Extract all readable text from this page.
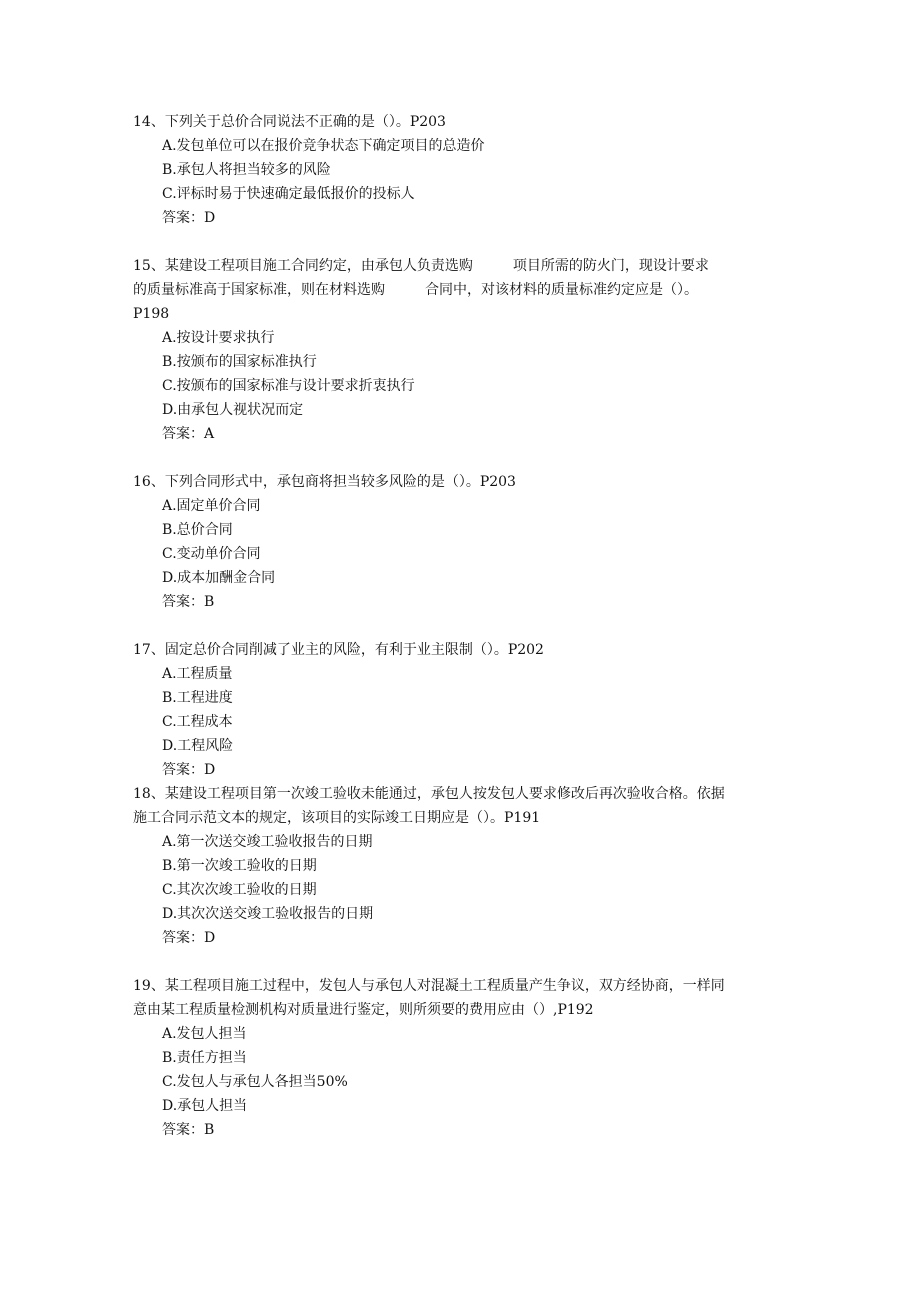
14、下列关于总价合同说法不正确的是（）。P203

A.发包单位可以在报价竞争状态下确定项目的总造价

B.承包人将担当较多的风险

C.评标时易于快速确定最低报价的投标人

答案：D

15、某建设工程项目施工合同约定，由承包人负责选购	项目所需的防火门，现设计要求

的质量标准高于国家标准，则在材料选购	合同中，对该材料的质量标准约定应是（）。

P198

A.按设计要求执行

B.按颁布的国家标准执行

C.按颁布的国家标准与设计要求折衷执行

D.由承包人视状况而定

答案：A

16、下列合同形式中，承包商将担当较多风险的是（）。P203

A.固定单价合同

B.总价合同

C.变动单价合同

D.成本加酬金合同

答案：B

17、固定总价合同削减了业主的风险，有利于业主限制（）。P202

A.工程质量

B.工程进度

C.工程成本

D.工程风险

答案：D

18、某建设工程项目第一次竣工验收未能通过，承包人按发包人要求修改后再次验收合格。依据

施工合同示范文本的规定，该项目的实际竣工日期应是（）。P191

A.第一次送交竣工验收报告的日期

B.第一次竣工验收的日期

C.其次次竣工验收的日期

D.其次次送交竣工验收报告的日期

答案：D

19、某工程项目施工过程中，发包人与承包人对混凝土工程质量产生争议，双方经协商，一样同

意由某工程质量检测机构对质量进行鉴定，则所须要的费用应由（）,P192

A.发包人担当

B.责任方担当

C.发包人与承包人各担当50%

D.承包人担当

答案：B
